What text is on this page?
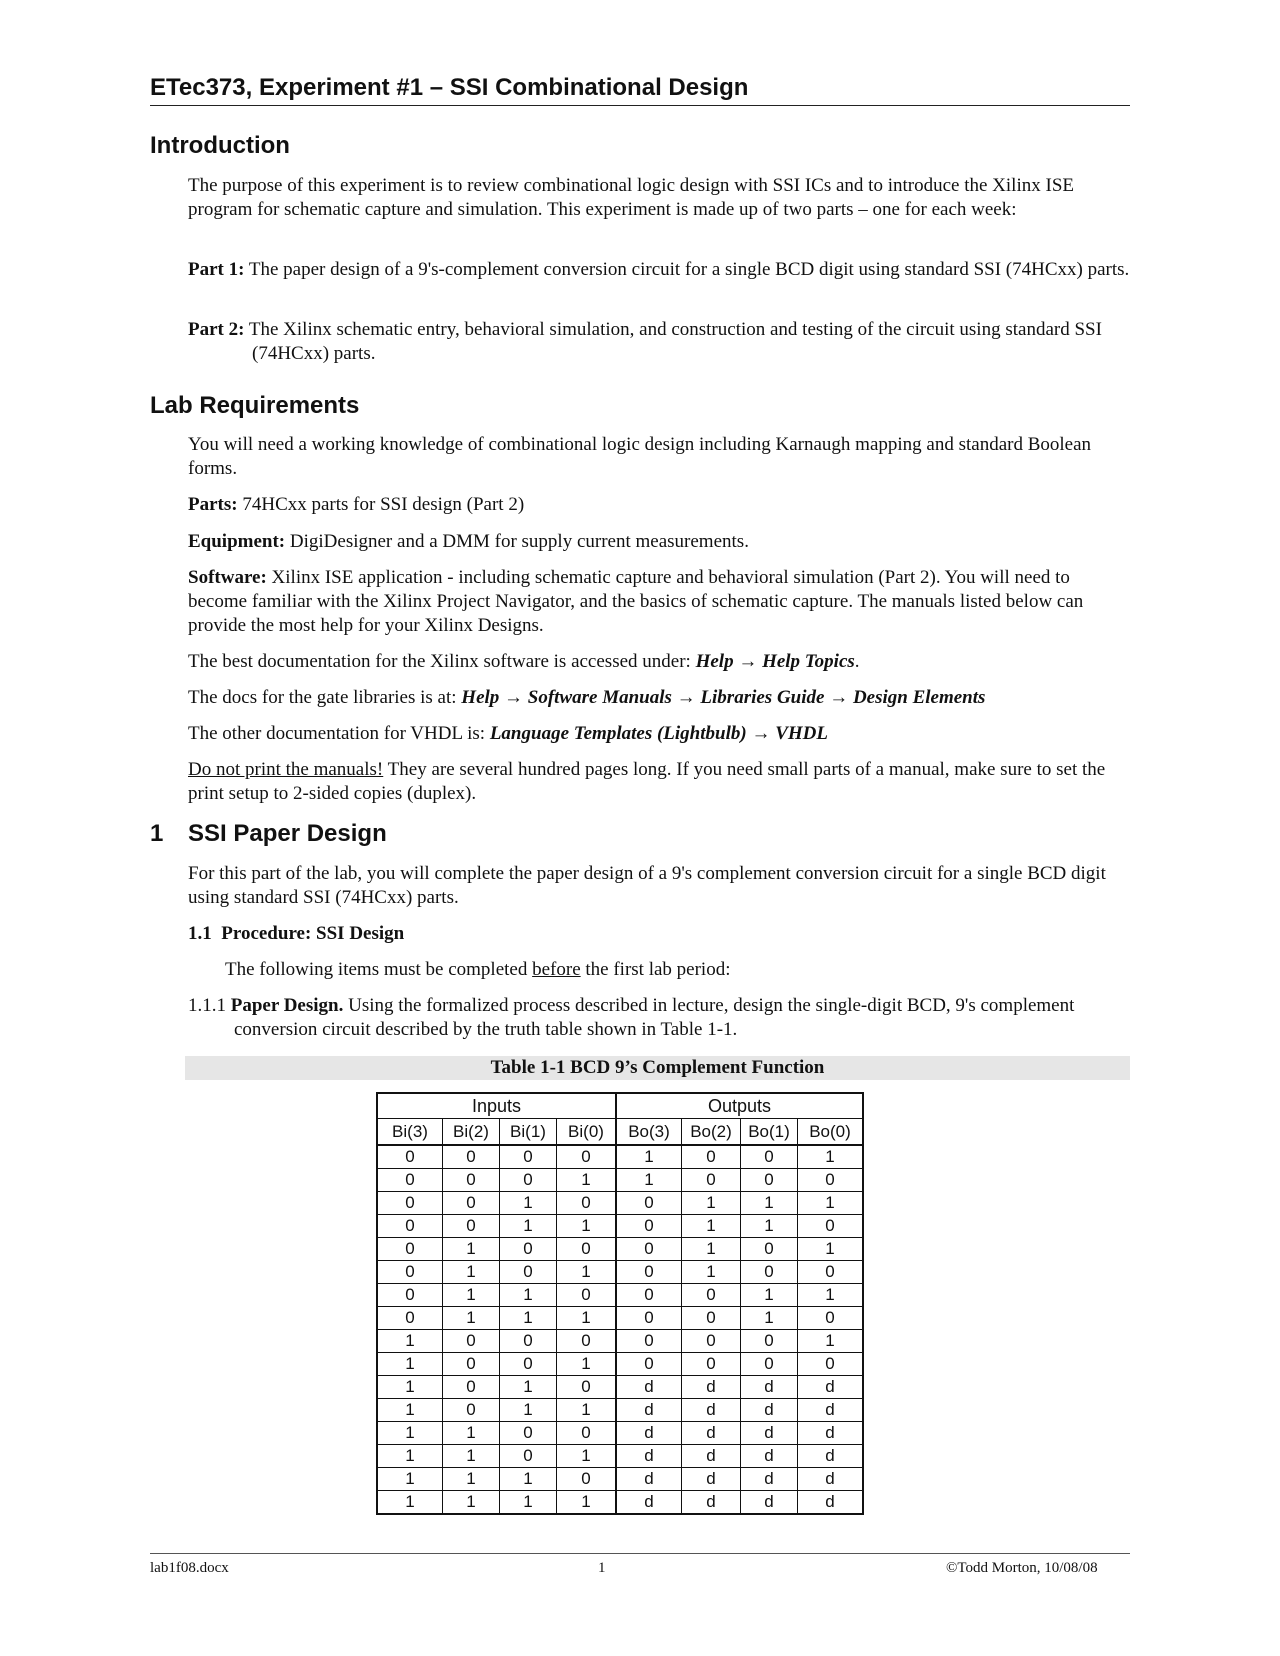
ETec373, Experiment #1 – SSI Combinational Design
Introduction
The purpose of this experiment is to review combinational logic design with SSI ICs and to introduce the Xilinx ISE program for schematic capture and simulation. This experiment is made up of two parts – one for each week:
Part 1: The paper design of a 9's-complement conversion circuit for a single BCD digit using standard SSI (74HCxx) parts.
Part 2: The Xilinx schematic entry, behavioral simulation, and construction and testing of the circuit using standard SSI (74HCxx) parts.
Lab Requirements
You will need a working knowledge of combinational logic design including Karnaugh mapping and standard Boolean forms.
Parts: 74HCxx parts for SSI design (Part 2)
Equipment: DigiDesigner and a DMM for supply current measurements.
Software: Xilinx ISE application - including schematic capture and behavioral simulation (Part 2). You will need to become familiar with the Xilinx Project Navigator, and the basics of schematic capture. The manuals listed below can provide the most help for your Xilinx Designs.
The best documentation for the Xilinx software is accessed under: Help → Help Topics.
The docs for the gate libraries is at: Help → Software Manuals → Libraries Guide → Design Elements
The other documentation for VHDL is: Language Templates (Lightbulb) → VHDL
Do not print the manuals! They are several hundred pages long. If you need small parts of a manual, make sure to set the print setup to 2-sided copies (duplex).
1 SSI Paper Design
For this part of the lab, you will complete the paper design of a 9's complement conversion circuit for a single BCD digit using standard SSI (74HCxx) parts.
1.1 Procedure: SSI Design
The following items must be completed before the first lab period:
1.1.1 Paper Design. Using the formalized process described in lecture, design the single-digit BCD, 9's complement conversion circuit described by the truth table shown in Table 1-1.
Table 1-1 BCD 9’s Complement Function
Inputs				Outputs			
Bi(3)	Bi(2)	Bi(1)	Bi(0)	Bo(3)	Bo(2)	Bo(1)	Bo(0)
0	0	0	0	1	0	0	1
0	0	0	1	1	0	0	0
0	0	1	0	0	1	1	1
0	0	1	1	0	1	1	0
0	1	0	0	0	1	0	1
0	1	0	1	0	1	0	0
0	1	1	0	0	0	1	1
0	1	1	1	0	0	1	0
1	0	0	0	0	0	0	1
1	0	0	1	0	0	0	0
1	0	1	0	d	d	d	d
1	0	1	1	d	d	d	d
1	1	0	0	d	d	d	d
1	1	0	1	d	d	d	d
1	1	1	0	d	d	d	d
1	1	1	1	d	d	d	d
lab1f08.docx	1	©Todd Morton, 10/08/08
